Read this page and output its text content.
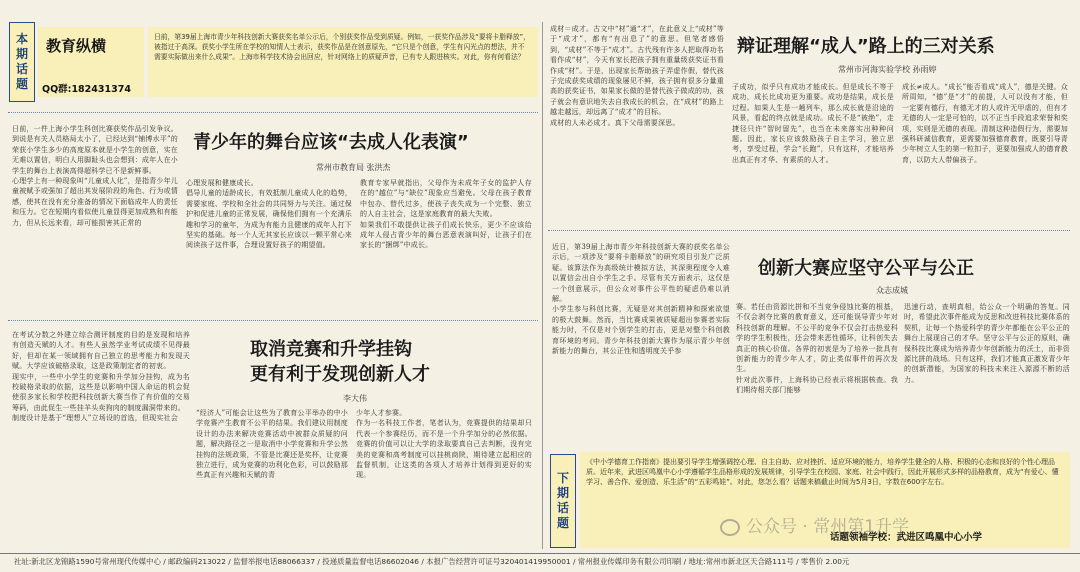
本
期
话
题
教育纵横
QQ群:182431374
日前，第39届上海市青少年科技创新大赛获奖名单公示后，个别获奖作品受到质疑。例如，一获奖作品涉及“要将卡脂释放”，被指过于高深。获奖小学生所在学校的知情人士表示，获奖作品是在创意原先，“它只是个创意，学生有闪光点的想法，并不需要实际做出来什么成果”。上海市科学技术协会出回应，针对网络上的质疑声音，已有专人跟进核实。对此，你有何看法？
青少年的舞台应该“去成人化表演”
常州市教育局 张洪杰
日前，一件上海小学生科创比赛获奖作品引发争议。到说是有关人员格局太小了，已经达到“铺博水平”的荣获小学生多少的高度原本就是小学生的创意，实在无难以置信，明白人用脚趾头也会想到：成年人在小学生的舞台上表演高得超科学已不是新鲜事。
心理学上有一种现象叫“儿童成人化”，是指青少年儿童被赋予或强加了超出其发展阶段的角色、行为或情感，使其在没有充分准备的情况下面临成年人的责任和压力。它在短期内看似使儿童显得更加成熟和有能力，但从长远来看，却可能损害其正常的
心理发展和健康成长。
倡导儿童的适龄成长，有效抵制儿童成人化的趋势，需要家庭、学校和全社会的共同努力与关注。通过保护和促进儿童的正常发展，确保他们拥有一个充满乐趣和学习的童年，为成为有能力且健康的成年人打下坚实的基础。每一个人无其家长应该以一颗平常心来阅读孩子这件事，合理设置好孩子的期望值。
教育专家早就指出，父母作为未成年子女的监护人存在的“越位”与“缺位”现象应当避免。父母在孩子教育中包办、替代过多，使孩子丧失成为一个完整、独立的人自主社会，这是家庭教育的最大失败。
如果我们不敢提供让孩子们成长快乐，更少不应该给成年人侵占青少年的舞台恶意表演叫好，让孩子们在家长的“捆绑”中成长。
取消竞赛和升学挂钩
更有利于发现创新人才
李大伟
在考试分数之外建立综合测评制度的目的是发现和培养有创造天赋的人才。有些人虽然学业考试成绩不见得最好，但却在某一领域拥有自己独立的思考能力和发现天赋。大学应该破格录取，这是政策制定者的初衷。
现实中，一些中小学生的竞赛和升学加分挂钩，成为名校破格录取的依据，这些是以影响中国人命运的机会促使很多家长和学校把科技创新大赛当作了有价值的交易筹码，由此促生一些挂羊头卖狗肉的制度漏洞带来的。
制度设计是基于“理想人”立场设的首选，但现实社会
“经济人”可能会让这些为了教育公平举办的中小学竞赛产生教育不公平的结果。我们建议用制度设计的办法来解决竞赛活动中被群众质疑的问题，解决路径之一是取消中小学竞赛和升学公然挂钩的法规政策，不管是比赛还是奖杯，让竞赛独立进行，成为竞赛的功利化色彩，可以鼓励那些真正有兴趣和天赋的青
少年人才参赛。
作为一名科技工作者，笔者认为，竞赛提供的结果却只代表一个参赛经历，而不是一个升学加分的必然依据。竞赛的价值可以让大学的录取要真自己去判断，没有完美的竞赛和高考制度可以挂桃商陕，期待建立起相应的监督机制，让这类的各项人才培养计划得到更好的实现。
成材＝成才。古文中“材”通“才”，在此意义上“成材”等于“成才”，都有“有出息了”的意思。但笔者感悟到，“成材”不等于“成才”。古代残有许多人把取得功名看作成“材”，今天有家长把孩子拥有重量级获奖证书看作成“材”。于是，出现家长帮助孩子弄虚作假，替代孩子完成获奖成绩的现象屡见不鲜，孩子拥有很多分量重高的获奖证书，如果家长做的是替代孩子做成的功，孩子就会有意识地失去自我成长的机会，在“成材”的路上越走越远，却远离了“成才”的目标。
成材的人未必成才。真下父母需要深思。
辩证理解“成人”路上的三对关系
常州市河海实验学校 孙雨婷
子成功，似乎只有成功才能成长。但是成长不等于成功，成长比成功更为重要。成功是结果，成长是过程。如果人生是一趟列车，那么成长就是沿途的风景，看起的终点就是成功。成长不是“被绝”，走捷径只许“智时留先”，也当在未来落实出种种问题。因此，家长应该鼓励孩子自主学习，独立思考，享受过程，学会“长跑”，只有这样，才能培养出真正有才华、有素质的人才。
成长≠成人。“成长”能否看成“成人”，德是关键。众所周知，“德”是“才”的前提，人可以没有才能，但一定要有德行，有德无才的人或许无甲虐的，但有才无德的人一定是可怕的，以不正当手段追求荣誉和奖项，实则是无德的表现。清制这种造假行为，需要加强科研诚信教育，更需要加强德育教育，既要引导青少年树立人生的第一粒扣子，更要加强成人的德育教育，以防大人带偏孩子。
近日，第39届上海市青少年科技创新大赛的获奖名单公示后，一项涉及“要将卡脂释放”的研究项目引发广泛质疑。该算法作为高级统计模拟方法，其深奥程度令人难以置信会出自小学生之手。尽管有关方面表示，这仅是一个创意展示，但公众对事件公平性的疑虑仍难以消解。
小学生参与科创比赛，无疑是对其创新精神和探索欲望的极大鼓舞。然而，当比赛成果被质疑超出参赛者实际能力时，不仅是对个别学生的打击，更是对整个科创教育环境的考问。青少年科技创新大赛作为展示青少年创新能力的舞台，其公正性和透明度关乎参
创新大赛应坚守公平与公正
众志成城
赛。若任由资源比拼和不当竞争侵蚀比赛的根基，不仅会剥夺比赛的教育意义，还可能误导青少年对科技创新的理解。不公平的竞争不仅会打击热爱科学的学生积极性，还会带来恶性循环，让科创失去真正的核心价值。各界的初衷是为了培养一批具有创新能力的青少年人才，防止类似事件的再次发生。
针对此次事件，上海科协已经表示将根据核查。我们期待相关部门能够
迅速行动，查明真相，给公众一个明确的答复。同时，希望此次事件能成为反思和改进科技比赛体系的契机，让每一个热爱科学的青少年都能在公平公正的舞台上展现自己的才华。坚守公平与公正的原则，确保科技比赛成为培养青少年创新能力的沃土，而非资源比拼的战场。只有这样，我们才能真正激发青少年的创新潜能，为国家的科技未来注入源源不断的活力。
下
期
话
题
《中小学德育工作指南》提出要引导学生增强调控心理、自主自助、应对挫折、适应环境的能力，培养学生健全的人格、积极的心态和良好的个性心理品质。近年来，武进区鸣凰中心小学遵循学生品格形成的发展规律，引导学生在校园、家庭、社会中践行，因此开展形式多样的品格教育，成为“有爱心、懂学习、善合作、爱创造、乐生活”的“五彩鸣娃”。对此，您怎么看？话题来稿截止时间为5月3日，字数在600字左右。
话题领袖学校：武进区鸣凰中心小学
公众号 · 常州第1升学
社址:新北区龙锦路1590号常州现代传媒中心 / 邮政编码213022 / 监督举报电话88066337 / 投递质量监督电话86602046 / 本报广告经营许可证号320401419950001 / 常州报业传媒印务有限公司印刷 / 地址:常州市新北区天合路111号 / 零售价 2.00元
